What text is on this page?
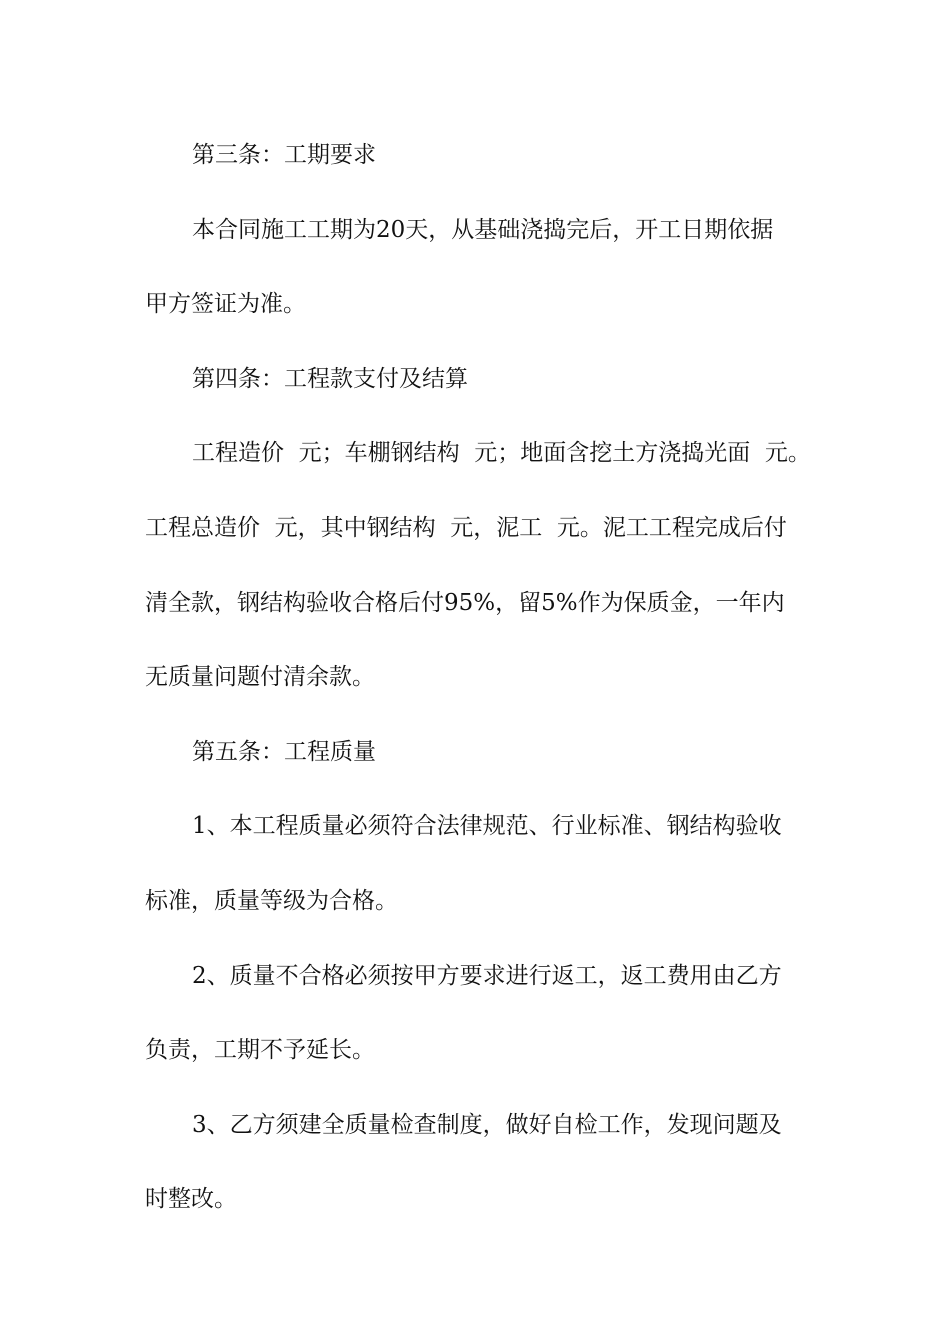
第三条：工期要求
本合同施工工期为20天，从基础浇捣完后，开工日期依据
甲方签证为准。
第四条：工程款支付及结算
工程造价  元；车棚钢结构  元；地面含挖土方浇捣光面  元。
工程总造价  元，其中钢结构  元，泥工  元。泥工工程完成后付
清全款，钢结构验收合格后付95%，留5%作为保质金，一年内
无质量问题付清余款。
第五条：工程质量
1、本工程质量必须符合法律规范、行业标准、钢结构验收
标准，质量等级为合格。
2、质量不合格必须按甲方要求进行返工，返工费用由乙方
负责，工期不予延长。
3、乙方须建全质量检查制度，做好自检工作，发现问题及
时整改。
